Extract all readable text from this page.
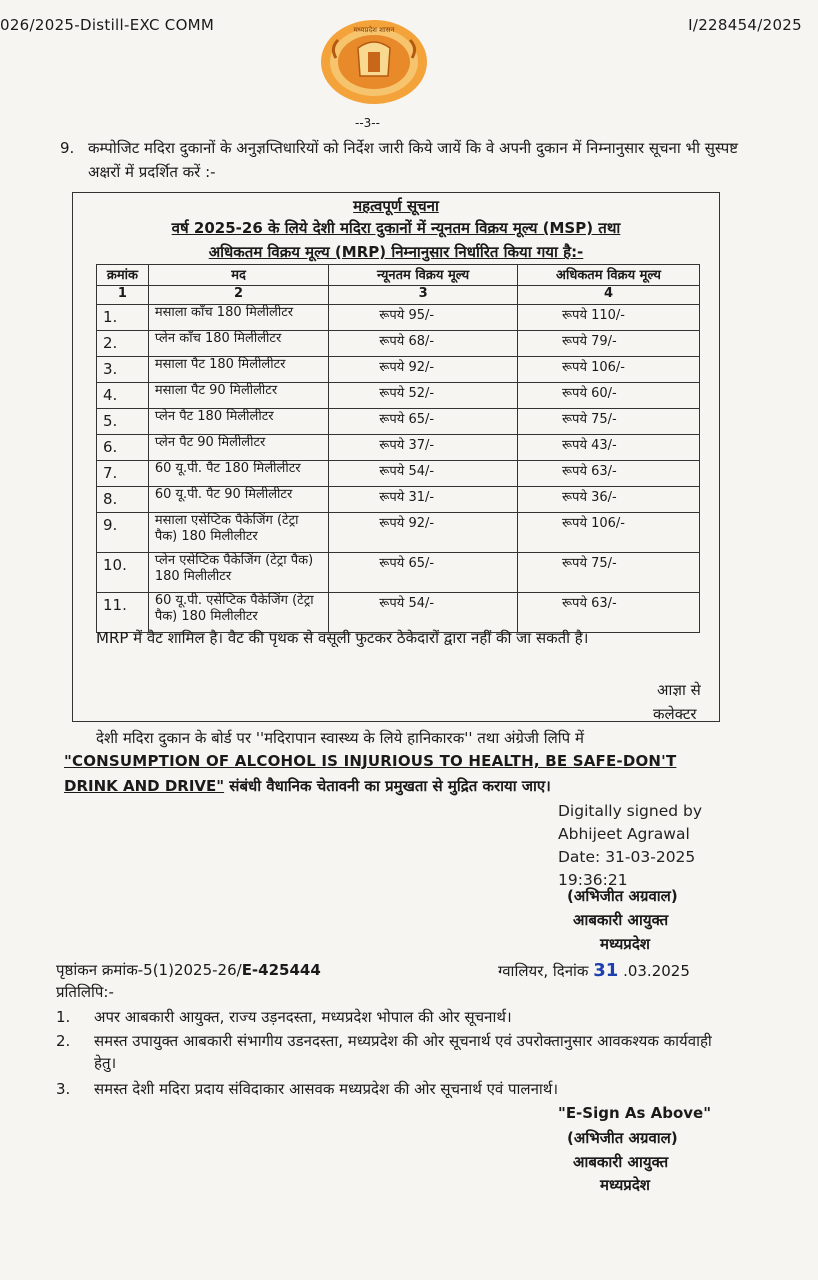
026/2025-Distill-EXC COMM	I/228454/2025
मध्यप्रदेश शासन
--3--
9. कम्पोजिट मदिरा दुकानों के अनुज्ञप्तिधारियों को निर्देश जारी किये जायें कि वे अपनी दुकान में निम्नानुसार सूचना भी सुस्पष्ट अक्षरों में प्रदर्शित करें :-
महत्वपूर्ण सूचना
वर्ष 2025-26 के लिये देशी मदिरा दुकानों में न्यूनतम विक्रय मूल्य (MSP) तथा
अधिकतम विक्रय मूल्य (MRP) निम्नानुसार निर्धारित किया गया है:-
क्रमांक	मद	न्यूनतम विक्रय मूल्य	अधिकतम विक्रय मूल्य
1	2	3	4
1.	मसाला कॉंच 180 मिलीलीटर	रूपये 95/-	रूपये 110/-
2.	प्लेन कॉंच 180 मिलीलीटर	रूपये 68/-	रूपये 79/-
3.	मसाला पैट 180 मिलीलीटर	रूपये 92/-	रूपये 106/-
4.	मसाला पैट 90 मिलीलीटर	रूपये 52/-	रूपये 60/-
5.	प्लेन पैट 180 मिलीलीटर	रूपये 65/-	रूपये 75/-
6.	प्लेन पैट 90 मिलीलीटर	रूपये 37/-	रूपये 43/-
7.	60 यू.पी. पैट 180 मिलीलीटर	रूपये 54/-	रूपये 63/-
8.	60 यू.पी. पैट 90 मिलीलीटर	रूपये 31/-	रूपये 36/-
9.	मसाला एसेप्टिक पैकेजिंग (टेट्रा पैक) 180 मिलीलीटर	रूपये 92/-	रूपये 106/-
10.	प्लेन एसेप्टिक पैकेजिंग (टेट्रा पैक) 180 मिलीलीटर	रूपये 65/-	रूपये 75/-
11.	60 यू.पी. एसेप्टिक पैकेजिंग (टेट्रा पैक) 180 मिलीलीटर	रूपये 54/-	रूपये 63/-
MRP में वैट शामिल है। वैट की पृथक से वसूली फुटकर ठेकेदारों द्वारा नहीं की जा सकती है।
आज्ञा से
कलेक्टर
देशी मदिरा दुकान के बोर्ड पर ''मदिरापान स्वास्थ्य के लिये हानिकारक'' तथा अंग्रेजी लिपि में
"CONSUMPTION OF ALCOHOL IS INJURIOUS TO HEALTH, BE SAFE-DON'T
DRINK AND DRIVE" संबंधी वैधानिक चेतावनी का प्रमुखता से मुद्रित कराया जाए।
Digitally signed by
Abhijeet Agrawal
Date: 31-03-2025
19:36:21
(अभिजीत अग्रवाल)
आबकारी आयुक्त
मध्यप्रदेश
पृष्ठांकन क्रमांक-5(1)2025-26/E-425444	ग्वालियर, दिनांक 31 .03.2025
प्रतिलिपि:-
1. अपर आबकारी आयुक्त, राज्य उड़नदस्ता, मध्यप्रदेश भोपाल की ओर सूचनार्थ।
2. समस्त उपायुक्त आबकारी संभागीय उडनदस्ता, मध्यप्रदेश की ओर सूचनार्थ एवं उपरोक्तानुसार आवकश्यक कार्यवाही हेतु।
3. समस्त देशी मदिरा प्रदाय संविदाकार आसवक मध्यप्रदेश की ओर सूचनार्थ एवं पालनार्थ।
"E-Sign As Above"
(अभिजीत अग्रवाल)
आबकारी आयुक्त
मध्यप्रदेश
